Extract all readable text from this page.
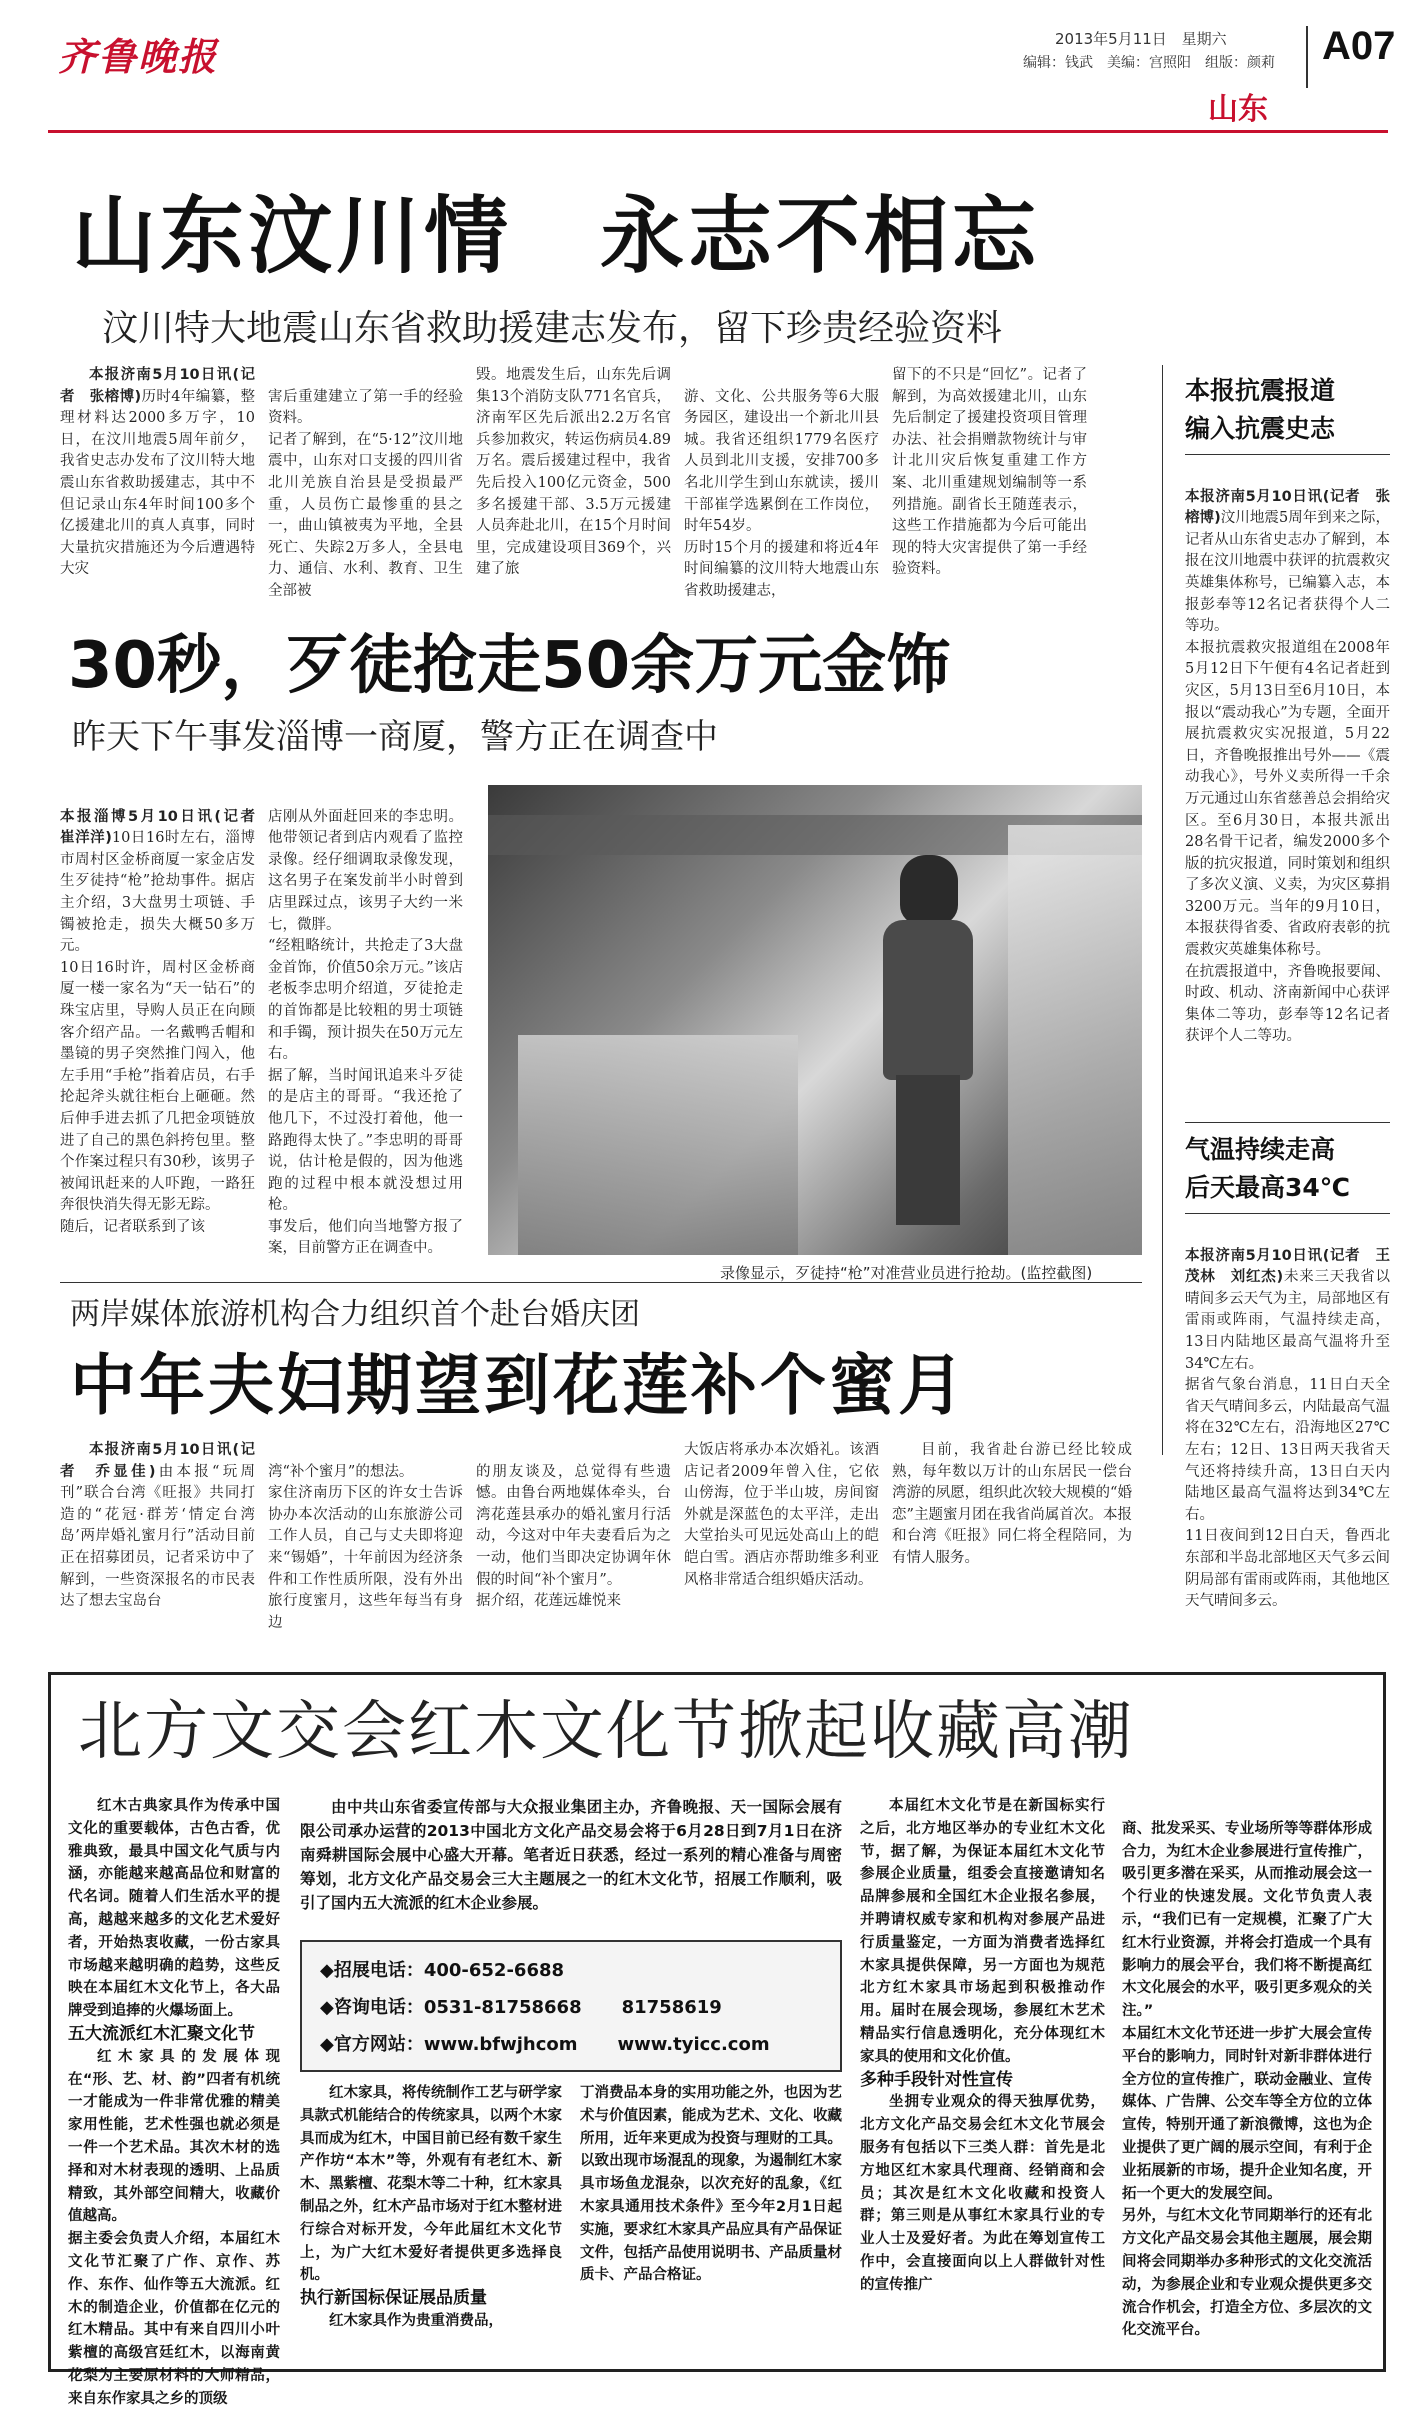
齐鲁晚报	2013年5月11日 星期六
编辑：钱武　美编：宫照阳　组版：颜莉 A07
山东
山东汶川情　永志不相忘
汶川特大地震山东省救助援建志发布，留下珍贵经验资料

本报济南5月10日讯(记者　张榕博)历时4年编纂，整理材料达2000多万字，10日，在汶川地震5周年前夕，我省史志办发布了汶川特大地震山东省救助援建志，其中不但记录山东4年时间100多个亿援建北川的真人真事，同时大量抗灾措施还为今后遭遇特大灾

害后重建建立了第一手的经验资料。
记者了解到，在“5·12”汶川地震中，山东对口支援的四川省北川羌族自治县是受损最严重，人员伤亡最惨重的县之一，曲山镇被夷为平地，全县死亡、失踪2万多人，全县电力、通信、水利、教育、卫生全部被

毁。地震发生后，山东先后调集13个消防支队771名官兵，济南军区先后派出2.2万名官兵参加救灾，转运伤病员4.89万名。震后援建过程中，我省先后投入100亿元资金，500多名援建干部、3.5万元援建人员奔赴北川，在15个月时间里，完成建设项目369个，兴建了旅

游、文化、公共服务等6大服务园区，建设出一个新北川县城。我省还组织1779名医疗人员到北川支援，安排700多名北川学生到山东就读，援川干部崔学选累倒在工作岗位，时年54岁。
历时15个月的援建和将近4年时间编纂的汶川特大地震山东省救助援建志，

留下的不只是“回忆”。记者了解到，为高效援建北川，山东先后制定了援建投资项目管理办法、社会捐赠款物统计与审计北川灾后恢复重建工作方案、北川重建规划编制等一系列措施。副省长王随莲表示，这些工作措施都为今后可能出现的特大灾害提供了第一手经验资料。
本报抗震报道
编入抗震史志

本报济南5月10日讯(记者　张榕博)汶川地震5周年到来之际，记者从山东省史志办了解到，本报在汶川地震中获评的抗震救灾英雄集体称号，已编纂入志，本报彭奉等12名记者获得个人二等功。
本报抗震救灾报道组在2008年5月12日下午便有4名记者赶到灾区，5月13日至6月10日，本报以“震动我心”为专题，全面开展抗震救灾实况报道，5月22日，齐鲁晚报推出号外——《震动我心》，号外义卖所得一千余万元通过山东省慈善总会捐给灾区。至6月30日，本报共派出28名骨干记者，编发2000多个版的抗灾报道，同时策划和组织了多次义演、义卖，为灾区募捐3200万元。当年的9月10日，本报获得省委、省政府表彰的抗震救灾英雄集体称号。
在抗震报道中，齐鲁晚报要闻、时政、机动、济南新闻中心获评集体二等功，彭奉等12名记者获评个人二等功。

30秒，歹徒抢走50余万元金饰
昨天下午事发淄博一商厦，警方正在调查中

本报淄博5月10日讯(记者　崔洋洋)10日16时左右，淄博市周村区金桥商厦一家金店发生歹徒持“枪”抢劫事件。据店主介绍，3大盘男士项链、手镯被抢走，损失大概50多万元。
10日16时许，周村区金桥商厦一楼一家名为“天一钻石”的珠宝店里，导购人员正在向顾客介绍产品。一名戴鸭舌帽和墨镜的男子突然推门闯入，他左手用“手枪”指着店员，右手抡起斧头就往柜台上砸砸。然后伸手进去抓了几把金项链放进了自己的黑色斜挎包里。整个作案过程只有30秒，该男子被闻讯赶来的人吓跑，一路狂奔很快消失得无影无踪。
随后，记者联系到了该

店刚从外面赶回来的李忠明。他带领记者到店内观看了监控录像。经仔细调取录像发现，这名男子在案发前半小时曾到店里踩过点，该男子大约一米七，微胖。
“经粗略统计，共抢走了3大盘金首饰，价值50余万元。”该店老板李忠明介绍道，歹徒抢走的首饰都是比较粗的男士项链和手镯，预计损失在50万元左右。
据了解，当时闻讯追来斗歹徒的是店主的哥哥。“我还抢了他几下，不过没打着他，他一路跑得太快了。”李忠明的哥哥说，估计枪是假的，因为他逃跑的过程中根本就没想过用枪。
事发后，他们向当地警方报了案，目前警方正在调查中。

录像显示，歹徒持“枪”对准营业员进行抢劫。(监控截图)
气温持续走高
后天最高34℃

本报济南5月10日讯(记者　王茂林　刘红杰)未来三天我省以晴间多云天气为主，局部地区有雷雨或阵雨，气温持续走高，13日内陆地区最高气温将升至34℃左右。
据省气象台消息，11日白天全省天气晴间多云，内陆最高气温将在32℃左右，沿海地区27℃左右；12日、13日两天我省天气还将持续升高，13日白天内陆地区最高气温将达到34℃左右。
11日夜间到12日白天，鲁西北东部和半岛北部地区天气多云间阴局部有雷雨或阵雨，其他地区天气晴间多云。

两岸媒体旅游机构合力组织首个赴台婚庆团
中年夫妇期望到花莲补个蜜月

本报济南5月10日讯(记者　乔显佳)由本报“玩周刊”联合台湾《旺报》共同打造的“花冠·群芳‘情定台湾岛’两岸婚礼蜜月行”活动目前正在招募团员，记者采访中了解到，一些资深报名的市民表达了想去宝岛台

湾“补个蜜月”的想法。
家住济南历下区的许女士告诉协办本次活动的山东旅游公司工作人员，自己与丈夫即将迎来“锡婚”，十年前因为经济条件和工作性质所限，没有外出旅行度蜜月，这些年每当有身边

的朋友谈及，总觉得有些遗憾。由鲁台两地媒体牵头，台湾花莲县承办的婚礼蜜月行活动，今这对中年夫妻看后为之一动，他们当即决定协调年休假的时间“补个蜜月”。
据介绍，花莲远雄悦来

大饭店将承办本次婚礼。该酒店记者2009年曾入住，它依山傍海，位于半山坡，房间窗外就是深蓝色的太平洋，走出大堂抬头可见远处高山上的皑皑白雪。酒店亦帮助维多利亚风格非常适合组织婚庆活动。

目前，我省赴台游已经比较成熟，每年数以万计的山东居民一偿台湾游的夙愿，组织此次较大规模的“婚恋”主题蜜月团在我省尚属首次。本报和台湾《旺报》同仁将全程陪同，为有情人服务。

北方文交会红木文化节掀起收藏高潮

红木古典家具作为传承中国文化的重要载体，古色古香，优雅典致，最具中国文化气质与内涵，亦能越来越高品位和财富的代名词。随着人们生活水平的提高，越越来越多的文化艺术爱好者，开始热衷收藏，一份古家具市场越来越明确的趋势，这些反映在本届红木文化节上，各大品牌受到追捧的火爆场面上。

五大流派红木汇聚文化节

红木家具的发展体现在“形、艺、材、韵”四者有机统一才能成为一件非常优雅的精美家用性能，艺术性强也就必须是一件一个艺术品。其次木材的选择和对木材表现的透明、上品质精致，其外部空间精大，收藏价值越高。
据主委会负责人介绍，本届红木文化节汇聚了广作、京作、苏作、东作、仙作等五大流派。红木的制造企业，价值都在亿元的红木精品。其中有来自四川小叶紫檀的高级宫廷红木，以海南黄花梨为主要原材料的大师精品，来自东作家具之乡的顶级

由中共山东省委宣传部与大众报业集团主办，齐鲁晚报、天一国际会展有限公司承办运营的2013中国北方文化产品交易会将于6月28日到7月1日在济南舜耕国际会展中心盛大开幕。笔者近日获悉，经过一系列的精心准备与周密筹划，北方文化产品交易会三大主题展之一的红木文化节，招展工作顺利，吸引了国内五大流派的红木企业参展。

◆招展电话：400-652-6688
◆咨询电话：0531-81758668 81758619
◆官方网站：www.bfwjhcom www.tyicc.com

红木家具，将传统制作工艺与研学家具款式机能结合的传统家具，以两个木家具而成为红木，中国目前已经有数千家生产作坊“本木”等，外观有有老红木、新木、黑紫檀、花梨木等二十种，红木家具制品之外，红木产品市场对于红木整材进行综合对标开发，今年此届红木文化节上，为广大红木爱好者提供更多选择良机。

执行新国标保证展品质量

红木家具作为贵重消费品，

丁消费品本身的实用功能之外，也因为艺术与价值因素，能成为艺术、文化、收藏所用，近年来更成为投资与理财的工具。以致出现市场混乱的现象，为遏制红木家具市场鱼龙混杂，以次充好的乱象，《红木家具通用技术条件》至今年2月1日起实施，要求红木家具产品应具有产品保证文件，包括产品使用说明书、产品质量材质卡、产品合格证。

本届红木文化节是在新国标实行之后，北方地区举办的专业红木文化节，据了解，为保证本届红木文化节参展企业质量，组委会直接邀请知名品牌参展和全国红木企业报名参展，并聘请权威专家和机构对参展产品进行质量鉴定，一方面为消费者选择红木家具提供保障，另一方面也为规范北方红木家具市场起到积极推动作用。届时在展会现场，参展红木艺术精品实行信息透明化，充分体现红木家具的使用和文化价值。

多种手段针对性宣传

坐拥专业观众的得天独厚优势，北方文化产品交易会红木文化节展会服务有包括以下三类人群：首先是北方地区红木家具代理商、经销商和会员；其次是红木文化收藏和投资人群；第三则是从事红木家具行业的专业人士及爱好者。为此在筹划宣传工作中，会直接面向以上人群做针对性的宣传推广

商、批发采买、专业场所等等群体形成合力，为红木企业参展进行宣传推广，吸引更多潜在采买，从而推动展会这一个行业的快速发展。文化节负责人表示，“我们已有一定规模，汇聚了广大红木行业资源，并将会打造成一个具有影响力的展会平台，我们将不断提高红木文化展会的水平，吸引更多观众的关注。”
本届红木文化节还进一步扩大展会宣传平台的影响力，同时针对新非群体进行全方位的宣传推广，联动金融业、宣传媒体、广告牌、公交车等全方位的立体宣传，特别开通了新浪微博，这也为企业提供了更广阔的展示空间，有利于企业拓展新的市场，提升企业知名度，开拓一个更大的发展空间。
另外，与红木文化节同期举行的还有北方文化产品交易会其他主题展，展会期间将会同期举办多种形式的文化交流活动，为参展企业和专业观众提供更多交流合作机会，打造全方位、多层次的文化交流平台。
